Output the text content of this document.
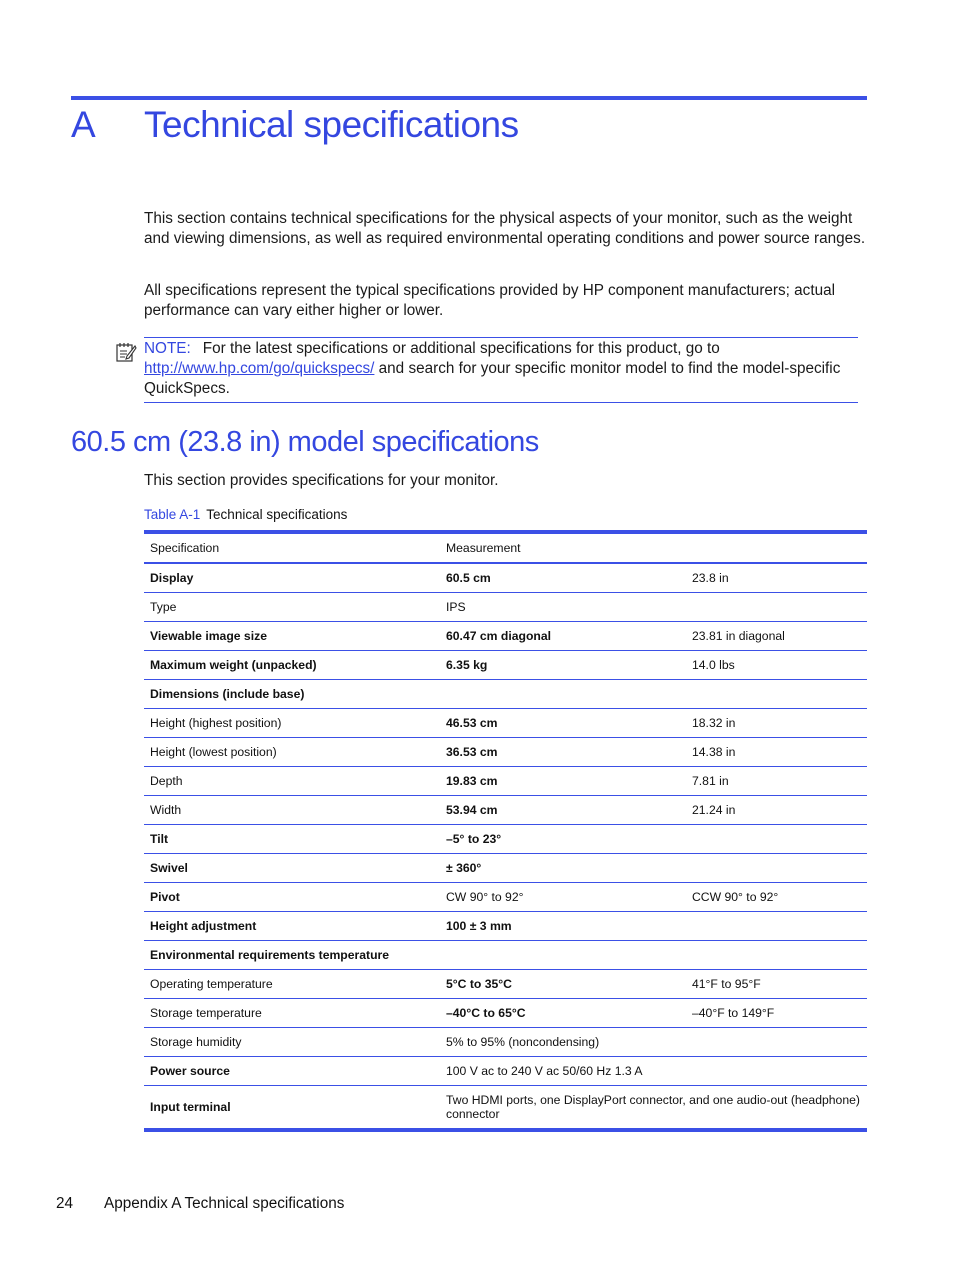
A Technical specifications
This section contains technical specifications for the physical aspects of your monitor, such as the weight and viewing dimensions, as well as required environmental operating conditions and power source ranges.
All specifications represent the typical specifications provided by HP component manufacturers; actual performance can vary either higher or lower.
NOTE: For the latest specifications or additional specifications for this product, go to
http://www.hp.com/go/quickspecs/ and search for your specific monitor model to find the model-specific QuickSpecs.
60.5 cm (23.8 in) model specifications
This section provides specifications for your monitor.
Table A-1 Technical specifications
Specification	Measurement	
Display	60.5 cm	23.8 in
Type	IPS	
Viewable image size	60.47 cm diagonal	23.81 in diagonal
Maximum weight (unpacked)	6.35 kg	14.0 lbs
Dimensions (include base)		
Height (highest position)	46.53 cm	18.32 in
Height (lowest position)	36.53 cm	14.38 in
Depth	19.83 cm	7.81 in
Width	53.94 cm	21.24 in
Tilt	–5° to 23°	
Swivel	± 360°	
Pivot	CW 90° to 92°	CCW 90° to 92°
Height adjustment	100 ± 3 mm	
Environmental requirements temperature		
Operating temperature	5°C to 35°C	41°F to 95°F
Storage temperature	–40°C to 65°C	–40°F to 149°F
Storage humidity	5% to 95% (noncondensing)	
Power source	100 V ac to 240 V ac 50/60 Hz 1.3 A	
Input terminal	Two HDMI ports, one DisplayPort connector, and one audio-out (headphone) connector	
24 Appendix A Technical specifications
